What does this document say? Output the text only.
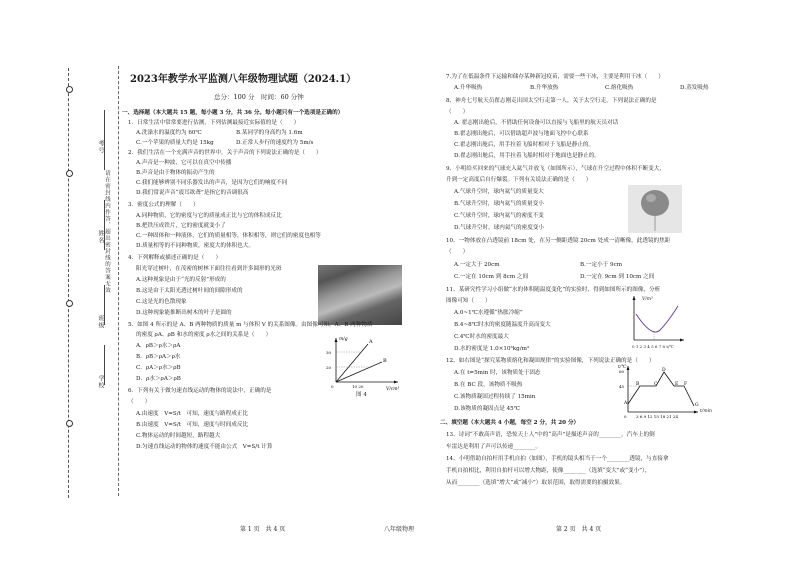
考号
姓名
班级
学校
请在密封线内作答，超出密封线的答案无效
2023年教学水平监测八年级物理试题（2024.1）
总分：100 分　时间：60 分钟
一、选择题（本大题共 15 题，每小题 3 分，共 36 分。每小题只有一个选项是正确的）
1．日常生活中常常要进行估测，下列估测最接近实际值的是（　　）
A.洗澡水的温度约为 60℃	B.某同学的身高约为 1.6m
C.一个苹果的质量大约是 15kg	D.正常人步行的速度约为 5m/s
2．我们生活在一个充满声音的世界中，关于声音的下列说法正确的是（　　）
A.声音是一种波，它可以在真空中传播
B.声音是由于物体的振动产生的
C.我们能够辨别不同乐器发出的声音，是因为它们的响度不同
D.我们常说声音“震耳欲聋”是指它的音调很高
3．密度公式的理解（　　）
A.同种物质，它的密度与它的质量成正比与它的体积成反比
B.把铁压成铁片，它的密度就变小了
C.一种固体和一种液体，它们的质量相等，体积相等，则它们的密度也相等
D.质量相等的不同种物质，密度大的体积也大。
4．下列解释或描述正确的是（　　）
阳光穿过树叶，在茂密的树林下面往往看到许多圆形的光斑
A.这种现象是由于“光的反射”形成的
B.这是由于太阳光透过树叶间的间隙形成的
C.这是光的色散现象
D.这种现象能推断出树木的叶子是圆的
5．如图 4 所示的是 A、B 两种物质的质量 m 与体积 V 的关系图像。由图像可知，A、B 两种物质
的密度 ρA、ρB 和水的密度 ρ水之间的关系是（　　）
A．ρB＞ρ水＞ρA
B．ρB＞ρA＞ρ水
C．ρA＞ρ水＞ρB
D．ρ水＞ρA＞ρB
A
B
m/g
V/cm³
30
20
0	10 20
图 4
6．下列有关于做匀速直线运动的物体的说法中，正确的是
（　　）
A.由速度　V=S/t　可知，速度与路程成正比
B.由速度　V=S/t　可知，速度与时间成反比
C.物体运动的时间越短，路程越大
D.匀速直线运动的物体的速度不能由公式　V=S/t 计算
7.为了在低温条件下运输和储存某种新冠疫苗，需要一些干冰，主要是利用干冰（　　）
A.升华吸热	B.升华放热	C.熔化吸热	D.蒸发吸热
8、神舟七号航天员翟志刚走出国太空行走第一人，关于太空行走，下列说法正确的是
（　　）
A. 翟志刚出舱后，不借助任何设备可以直接与飞船里的航天员对话
B.翟志刚出舱后，可以借助超声波与地面飞控中心联系
C.翟志刚出舱后，用手拉着飞船时相对于飞船是静止的。
D.翟志刚出舱后，用手拉着飞船时相对于地面也是静止的。
9、小明给买回来的气球充入氦气并放飞（如图所示），气球在升空过程中体积不断变大，
升到一定高度后自行爆裂。下列有关说法正确的是（　　）
A.气球升空时，球内氦气的质量变大
B.气球升空时，球内氦气的质量变小
C.气球升空时，球内氦气的密度不变
D.气球升空时，球内氦气的密度变小
10、一物体放在凸透镜前 18cm 处，在另一侧距透镜 20cm 处成一清晰像，此透镜的焦距
（　　）
A.一定大于 20cm	B.一定小于 9cm
C.一定在 10cm 到 8cm 之间	D.一定在 9cm 到 10cm 之间
11、某研究性学习小组做“水的体积随温度变化”的实验时，得到如图所示的图像，分析
图像可知（　　）
A.0~1℃水遵循“热胀冷缩”
B.4~8℃时水的密度随温度升高而变大
C.4℃时水的密度最大
D.水的密度是 1.0×10³kg/m³
V/m³
0 1 2 3 4 5 6 7 8 t/℃
12、如右图是“探究某物质熔化和凝固规律”的实验图像，下列说法正确的是（　　）
A.在 t=5min 时，该物质处于固态
B.在 BC 段，该物质不吸热
C.该物质凝固过程持续了 15min
D.该物质的凝固点是 45℃
60
45	B	C
D
E F
G
A
0 3 6 9 12 15 18 21 24
t/℃
t/min
二、填空题（本大题共 4 小题，每空 2 分，共 20 分）
13、诗词“不敢高声语，恐惊天上人”中的“高声”是描述声音的________，汽车上的倒
车雷达是利用了声可以传递________。
14、小明借助自拍杆用手机自拍（如图），手机的镜头相当于一个________透镜，与直接拿
手机自拍相比，利用自拍杆可以增大物距，使像________（选填“变大”或“变小”），
从而________（选填“增大”或“减小”）取景范围，取得需要的拍摄效果。
第 1 页　共 4 页	八年级物理	第 2 页　共 4 页
